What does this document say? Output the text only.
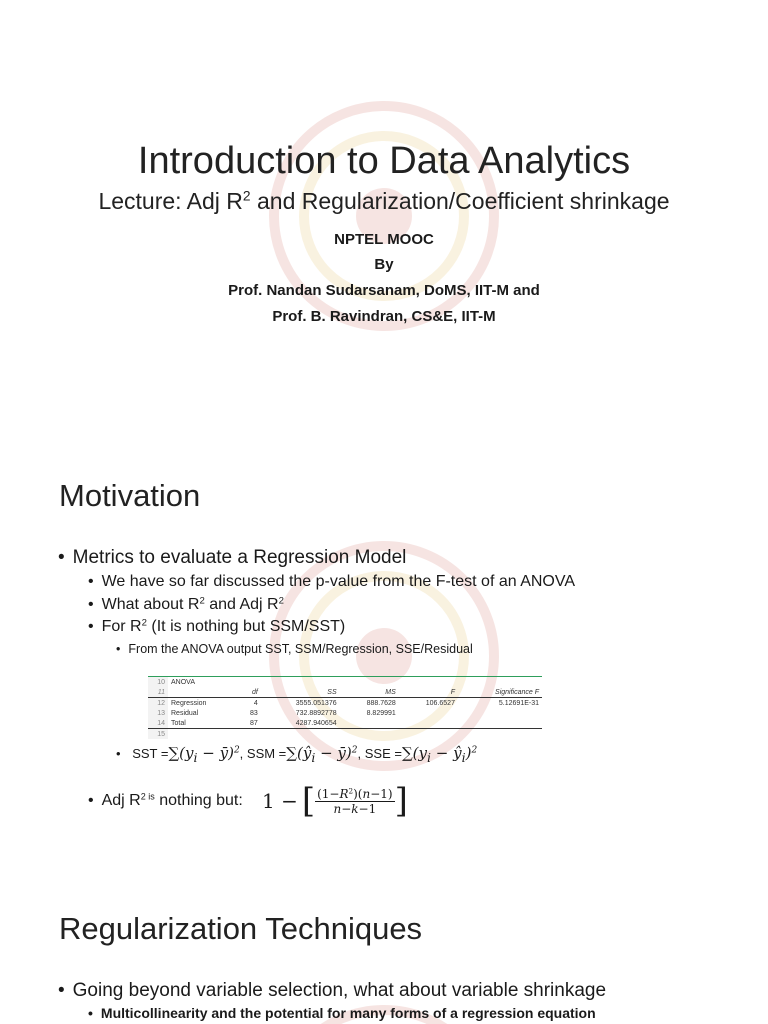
Introduction to Data Analytics
Lecture: Adj $R^2$ and Regularization/Coefficient shrinkage
NPTEL MOOC
By
Prof. Nandan Sudarsanam, DoMS, IIT-M and
Prof. B. Ravindran, CS&E, IIT-M
Motivation
• Metrics to evaluate a Regression Model
• We have so far discussed the p-value from the F-test of an ANOVA
• What about $R^2$ and Adj $R^2$
• For $R^2$ (It is nothing but SSM/SST)
• From the ANOVA output SST, SSM/Regression, SSE/Residual
10	ANOVA					
11		df	SS	MS	F	Significance F
12	Regression	4	3555.051376	888.7628	106.6527	5.12691E-31
13	Residual	83	732.8892778	8.829991		
14	Total	87	4287.940654			
15						
• SST $=\sum(y_i$ − ȳ)$^2$, SSM $=\sum(ŷ_i$ − ȳ)$^2$, SSE $=\sum(y_i$ − $ŷ_i)^2$
• Adj $R^{2 is}$ nothing but: 1 − [ $(1-R^2)(n-1)$
n−k−1 ]
Regularization Techniques
• Going beyond variable selection, what about variable shrinkage
• Multicollinearity and the potential for many forms of a regression equation
